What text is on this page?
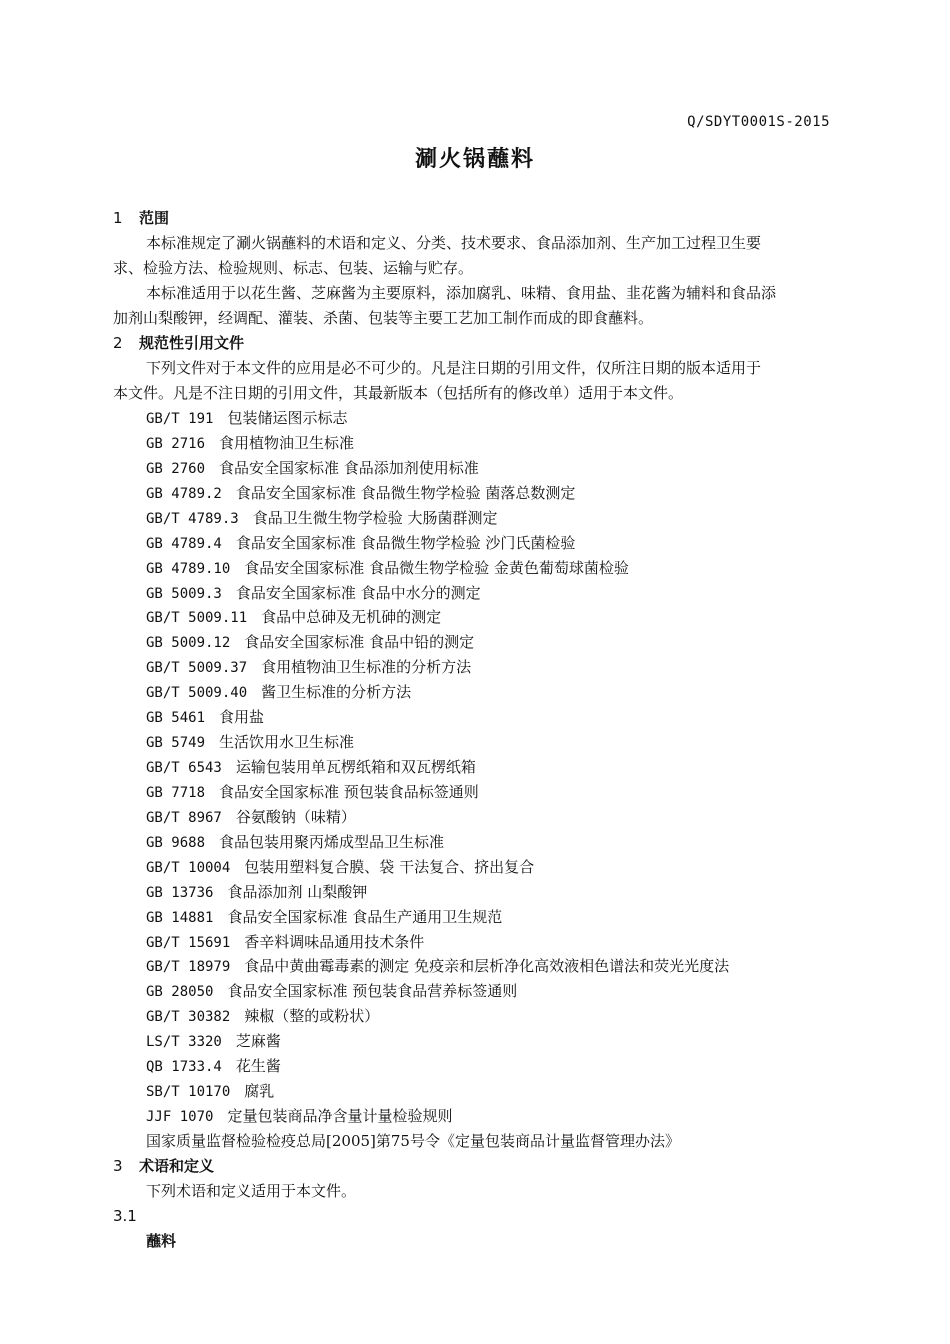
Q/SDYT0001S-2015
涮火锅蘸料
1 范围
本标准规定了涮火锅蘸料的术语和定义、分类、技术要求、食品添加剂、生产加工过程卫生要
求、检验方法、检验规则、标志、包装、运输与贮存。
本标准适用于以花生酱、芝麻酱为主要原料，添加腐乳、味精、食用盐、韭花酱为辅料和食品添
加剂山梨酸钾，经调配、灌装、杀菌、包装等主要工艺加工制作而成的即食蘸料。
2 规范性引用文件
下列文件对于本文件的应用是必不可少的。凡是注日期的引用文件，仅所注日期的版本适用于
本文件。凡是不注日期的引用文件，其最新版本（包括所有的修改单）适用于本文件。
GB/T 191 包装储运图示标志
GB 2716 食用植物油卫生标准
GB 2760 食品安全国家标准 食品添加剂使用标准
GB 4789.2 食品安全国家标准 食品微生物学检验 菌落总数测定
GB/T 4789.3 食品卫生微生物学检验 大肠菌群测定
GB 4789.4 食品安全国家标准 食品微生物学检验 沙门氏菌检验
GB 4789.10 食品安全国家标准 食品微生物学检验 金黄色葡萄球菌检验
GB 5009.3 食品安全国家标准 食品中水分的测定
GB/T 5009.11 食品中总砷及无机砷的测定
GB 5009.12 食品安全国家标准 食品中铅的测定
GB/T 5009.37 食用植物油卫生标准的分析方法
GB/T 5009.40 酱卫生标准的分析方法
GB 5461 食用盐
GB 5749 生活饮用水卫生标准
GB/T 6543 运输包装用单瓦楞纸箱和双瓦楞纸箱
GB 7718 食品安全国家标准 预包装食品标签通则
GB/T 8967 谷氨酸钠（味精）
GB 9688 食品包装用聚丙烯成型品卫生标准
GB/T 10004 包装用塑料复合膜、袋 干法复合、挤出复合
GB 13736 食品添加剂 山梨酸钾
GB 14881 食品安全国家标准 食品生产通用卫生规范
GB/T 15691 香辛料调味品通用技术条件
GB/T 18979 食品中黄曲霉毒素的测定 免疫亲和层析净化高效液相色谱法和荧光光度法
GB 28050 食品安全国家标准 预包装食品营养标签通则
GB/T 30382 辣椒（整的或粉状）
LS/T 3320 芝麻酱
QB 1733.4 花生酱
SB/T 10170 腐乳
JJF 1070 定量包装商品净含量计量检验规则
国家质量监督检验检疫总局[2005]第75号令《定量包装商品计量监督管理办法》
3 术语和定义
下列术语和定义适用于本文件。
3.1
蘸料
